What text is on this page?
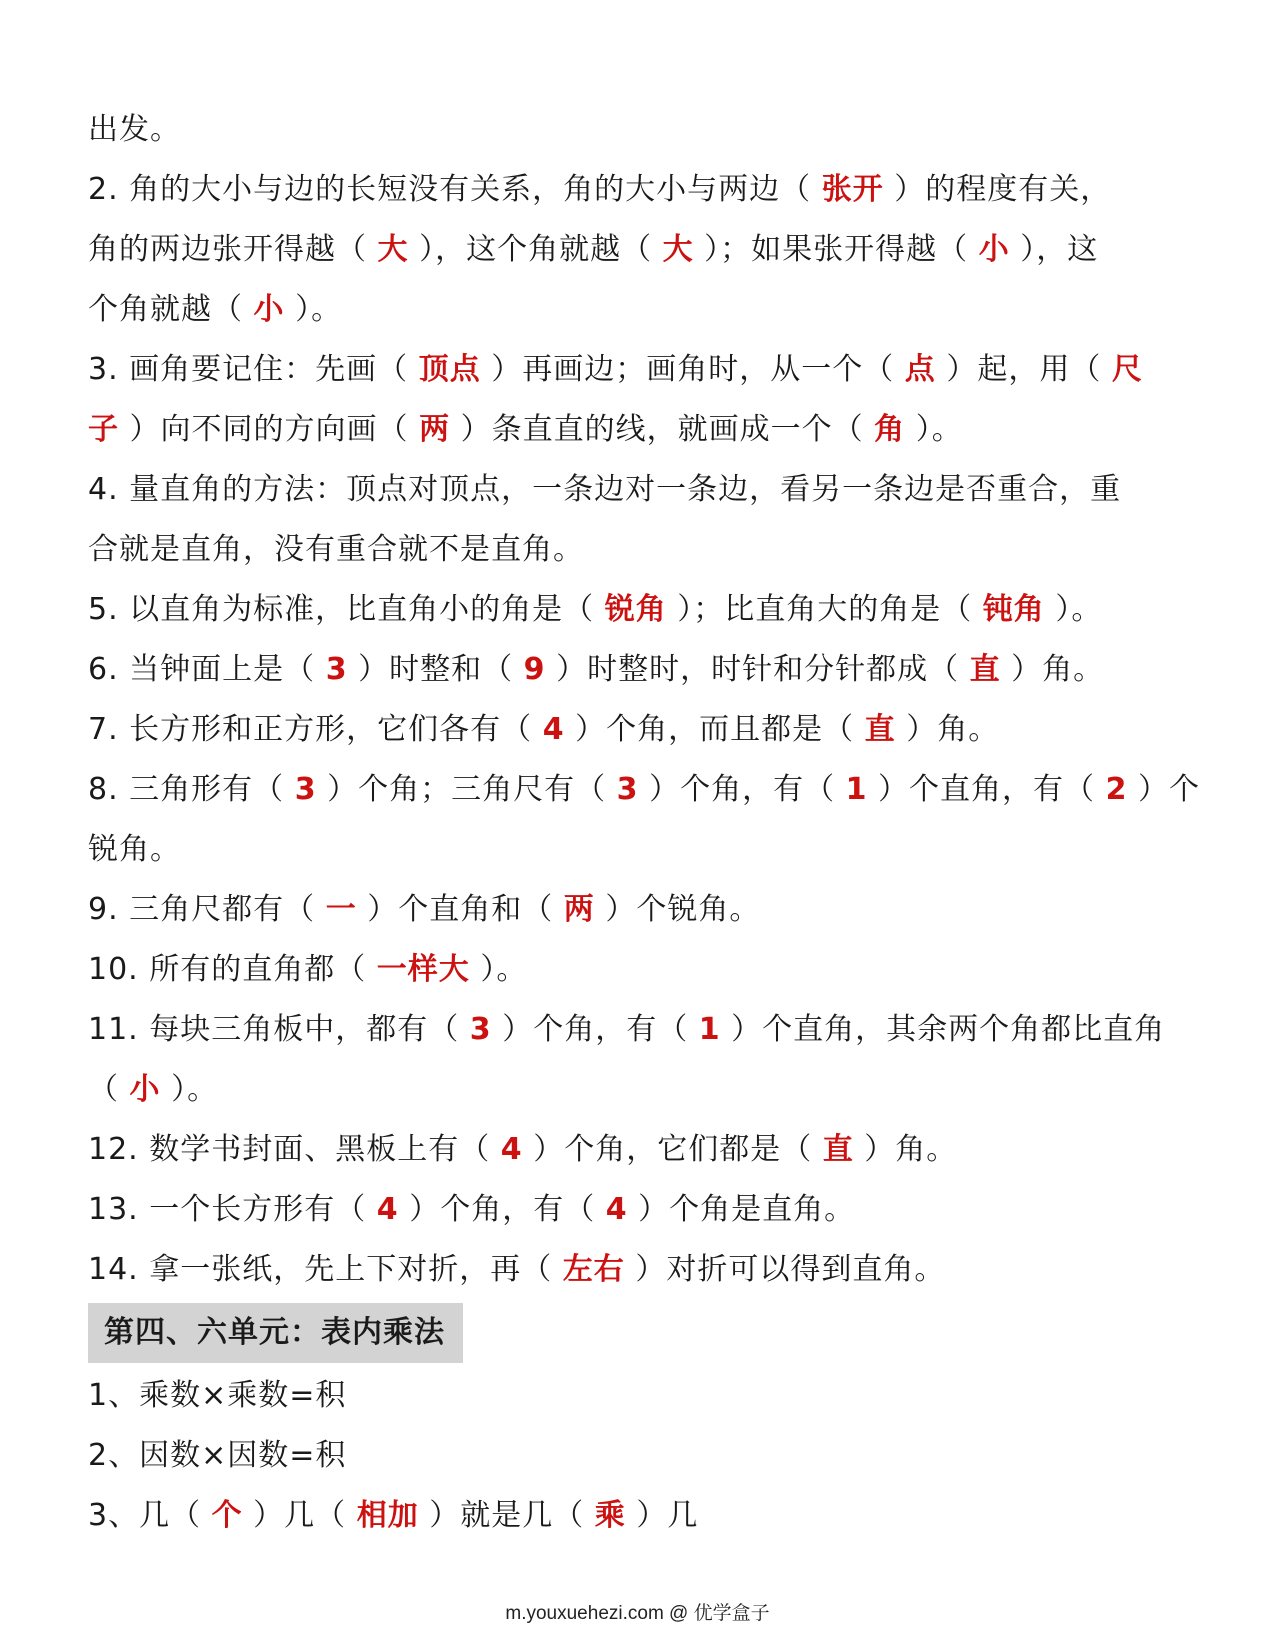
出发。
2. 角的大小与边的长短没有关系，角的大小与两边（ 张开 ）的程度有关，
角的两边张开得越（ 大 ），这个角就越（ 大 ）；如果张开得越（ 小 ），这
个角就越（ 小 ）。
3. 画角要记住：先画（ 顶点 ）再画边；画角时，从一个（ 点 ）起，用（ 尺
子 ）向不同的方向画（ 两 ）条直直的线，就画成一个（ 角 ）。
4. 量直角的方法：顶点对顶点，一条边对一条边，看另一条边是否重合，重
合就是直角，没有重合就不是直角。
5. 以直角为标准，比直角小的角是（ 锐角 ）；比直角大的角是（ 钝角 ）。
6. 当钟面上是（ 3 ）时整和（ 9 ）时整时，时针和分针都成（ 直 ）角。
7. 长方形和正方形，它们各有（ 4 ）个角，而且都是（ 直 ）角。
8. 三角形有（ 3 ）个角；三角尺有（ 3 ）个角，有（ 1 ）个直角，有（ 2 ）个
锐角。
9. 三角尺都有（ 一 ）个直角和（ 两 ）个锐角。
10. 所有的直角都（ 一样大 ）。
11. 每块三角板中，都有（ 3 ）个角，有（ 1 ）个直角，其余两个角都比直角
（ 小 ）。
12. 数学书封面、黑板上有（ 4 ）个角，它们都是（ 直 ）角。
13. 一个长方形有（ 4 ）个角，有（ 4 ）个角是直角。
14. 拿一张纸，先上下对折，再（ 左右 ）对折可以得到直角。
第四、六单元：表内乘法
1、乘数×乘数=积
2、因数×因数=积
3、几（ 个 ）几（ 相加 ）就是几（ 乘 ）几
m.youxuehezi.com @ 优学盒子
